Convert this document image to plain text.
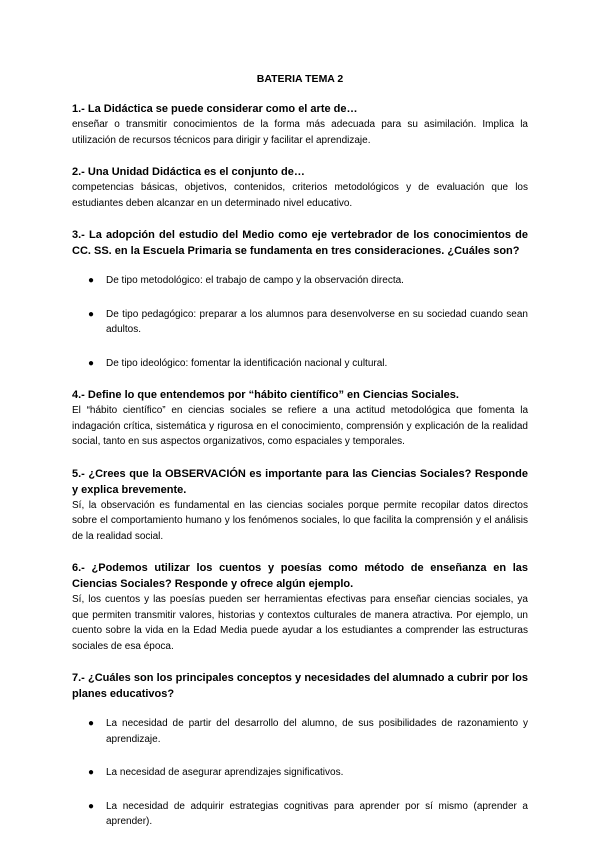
BATERIA TEMA 2

1.- La Didáctica se puede considerar como el arte de…

enseñar o transmitir conocimientos de la forma más adecuada para su asimilación. Implica la utilización de recursos técnicos para dirigir y facilitar el aprendizaje.

2.- Una Unidad Didáctica es el conjunto de…

competencias básicas, objetivos, contenidos, criterios metodológicos y de evaluación que los estudiantes deben alcanzar en un determinado nivel educativo.

3.- La adopción del estudio del Medio como eje vertebrador de los conocimientos de CC. SS. en la Escuela Primaria se fundamenta en tres consideraciones. ¿Cuáles son?

● De tipo metodológico: el trabajo de campo y la observación directa.
● De tipo pedagógico: preparar a los alumnos para desenvolverse en su sociedad cuando sean adultos.
● De tipo ideológico: fomentar la identificación nacional y cultural.

4.- Define lo que entendemos por “hábito científico” en Ciencias Sociales.

El “hábito científico” en ciencias sociales se refiere a una actitud metodológica que fomenta la indagación crítica, sistemática y rigurosa en el conocimiento, comprensión y explicación de la realidad social, tanto en sus aspectos organizativos, como espaciales y temporales.

5.- ¿Crees que la OBSERVACIÓN es importante para las Ciencias Sociales? Responde y explica brevemente.

Sí, la observación es fundamental en las ciencias sociales porque permite recopilar datos directos sobre el comportamiento humano y los fenómenos sociales, lo que facilita la comprensión y el análisis de la realidad social.

6.- ¿Podemos utilizar los cuentos y poesías como método de enseñanza en las Ciencias Sociales? Responde y ofrece algún ejemplo.

Sí, los cuentos y las poesías pueden ser herramientas efectivas para enseñar ciencias sociales, ya que permiten transmitir valores, historias y contextos culturales de manera atractiva. Por ejemplo, un cuento sobre la vida en la Edad Media puede ayudar a los estudiantes a comprender las estructuras sociales de esa época.

7.- ¿Cuáles son los principales conceptos y necesidades del alumnado a cubrir por los planes educativos?

● La necesidad de partir del desarrollo del alumno, de sus posibilidades de razonamiento y aprendizaje.
● La necesidad de asegurar aprendizajes significativos.
● La necesidad de adquirir estrategias cognitivas para aprender por sí mismo (aprender a aprender).
